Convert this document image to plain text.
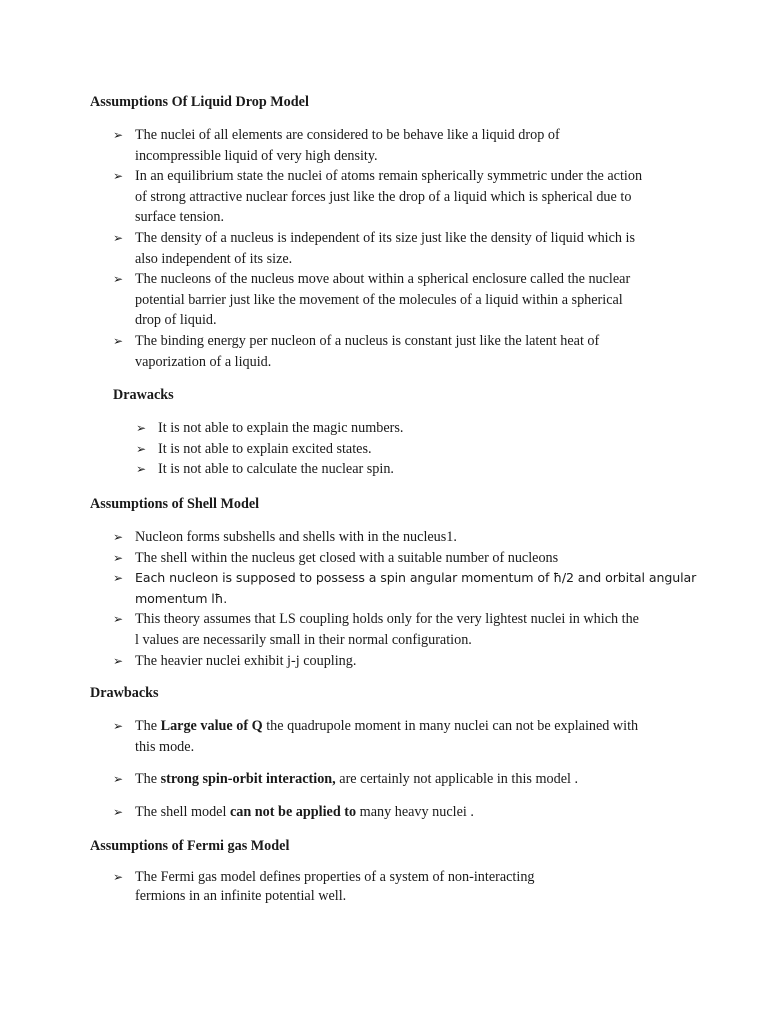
Assumptions Of Liquid Drop Model

➢ The nuclei of all elements are considered to be behave like a liquid drop of
incompressible liquid of very high density.
➢ In an equilibrium state the nuclei of atoms remain spherically symmetric under the action
of strong attractive nuclear forces just like the drop of a liquid which is spherical due to
surface tension.
➢ The density of a nucleus is independent of its size just like the density of liquid which is
also independent of its size.
➢ The nucleons of the nucleus move about within a spherical enclosure called the nuclear
potential barrier just like the movement of the molecules of a liquid within a spherical
drop of liquid.
➢ The binding energy per nucleon of a nucleus is constant just like the latent heat of
vaporization of a liquid.

Drawacks

➢ It is not able to explain the magic numbers.
➢ It is not able to explain excited states.
➢ It is not able to calculate the nuclear spin.

Assumptions of Shell Model

➢ Nucleon forms subshells and shells with in the nucleus1.
➢ The shell within the nucleus get closed with a suitable number of nucleons
➢ Each nucleon is supposed to possess a spin angular momentum of ħ/2 and orbital angular
momentum lħ.
➢ This theory assumes that LS coupling holds only for the very lightest nuclei in which the
l values are necessarily small in their normal configuration.
➢ The heavier nuclei exhibit j-j coupling.

Drawbacks

➢ The Large value of Q the quadrupole moment in many nuclei can not be explained with
this mode.
➢ The strong spin-orbit interaction, are certainly not applicable in this model .
➢ The shell model can not be applied to many heavy nuclei .

Assumptions of Fermi gas Model

➢ The Fermi gas model defines properties of a system of non-interacting
fermions in an infinite potential well.
